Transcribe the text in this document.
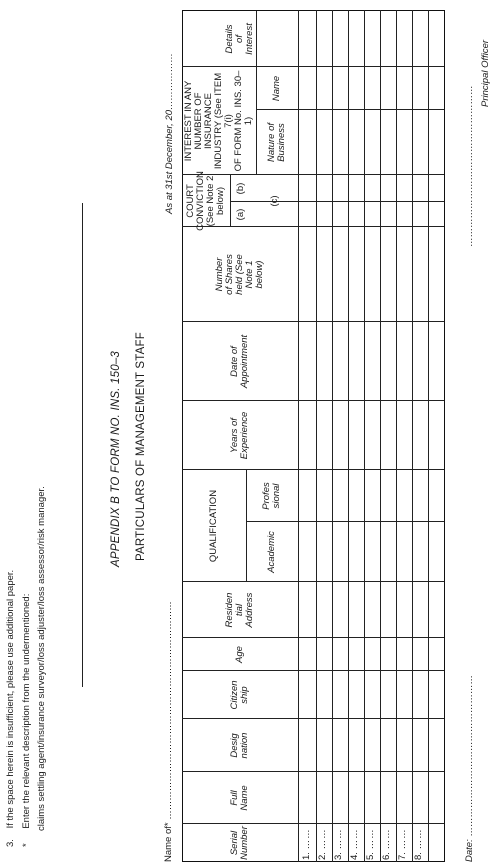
3. If the space herein is insufficient, please use additional paper.
* Enter the relevant description from the undermentioned: claims settling agent/insurance surveyor/loss adjuster/loss assessor/risk manager.
APPENDIX B TO FORM NO. INS. 150–3 PARTICULARS OF MANAGEMENT STAFF
Name of* ……………………………………………………………
As at 31st December, 20………………
Serial
Number
Full
Name
Desig
nation
Citizen
ship
Age
Residen
tial
Address
QUALIFICATION	Academic
Profes
sional
Years of
Experience
Date of
Appointment
Number
of Shares
held (See
Note 1
below)
COURT
CONVICTION
(See Note 2
below) (a)
(b)
(c)
INTEREST IN ANY
NUMBER OF INSURANCE
INDUSTRY (See ITEM 7(i)
OF FORM No. INS. 30–1)
Nature of
Business
Name
Details
of
Interest
1. ……
2. ……
3. ……
4. ……
5. ……
6. ……
7. ……
8. ……
Date: ……………………………………………
……………………………………………
Principal Officer
